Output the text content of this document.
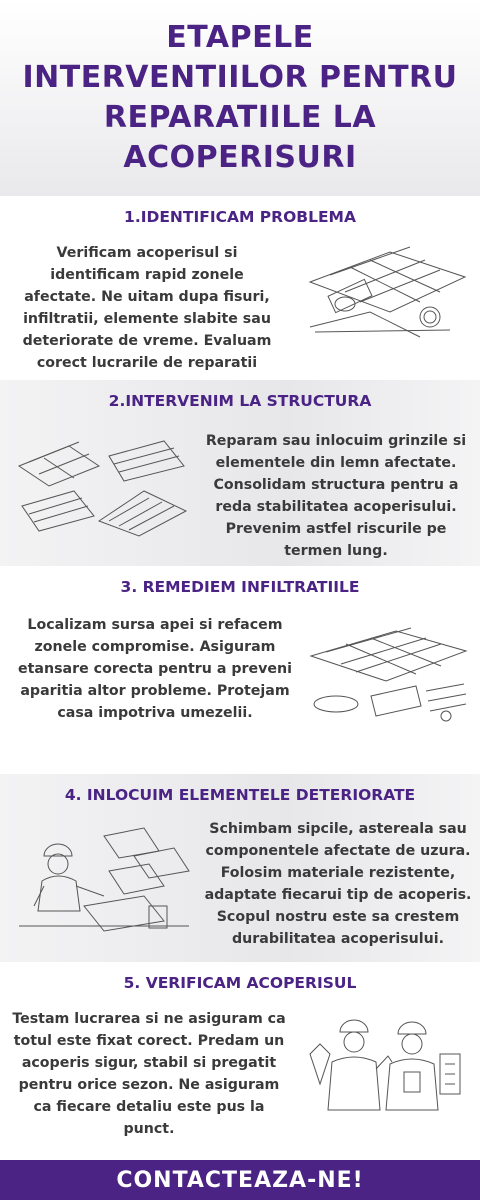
ETAPELE INTERVENTIILOR PENTRU REPARATIILE LA ACOPERISURI
1.IDENTIFICAM PROBLEMA

Verificam acoperisul si identificam rapid zonele afectate. Ne uitam dupa fisuri, infiltratii, elemente slabite sau deteriorate de vreme. Evaluam corect lucrarile de reparatii

2.INTERVENIM LA STRUCTURA

Reparam sau inlocuim grinzile si elementele din lemn afectate. Consolidam structura pentru a reda stabilitatea acoperisului. Prevenim astfel riscurile pe termen lung.

3. REMEDIEM INFILTRATIILE

Localizam sursa apei si refacem zonele compromise. Asiguram etansare corecta pentru a preveni aparitia altor probleme. Protejam casa impotriva umezelii.

4. INLOCUIM ELEMENTELE DETERIORATE

Schimbam sipcile, astereala sau componentele afectate de uzura. Folosim materiale rezistente, adaptate fiecarui tip de acoperis. Scopul nostru este sa crestem durabilitatea acoperisului.

5. VERIFICAM ACOPERISUL

Testam lucrarea si ne asiguram ca totul este fixat corect. Predam un acoperis sigur, stabil si pregatit pentru orice sezon. Ne asiguram ca fiecare detaliu este pus la punct.

CONTACTEAZA-NE!
